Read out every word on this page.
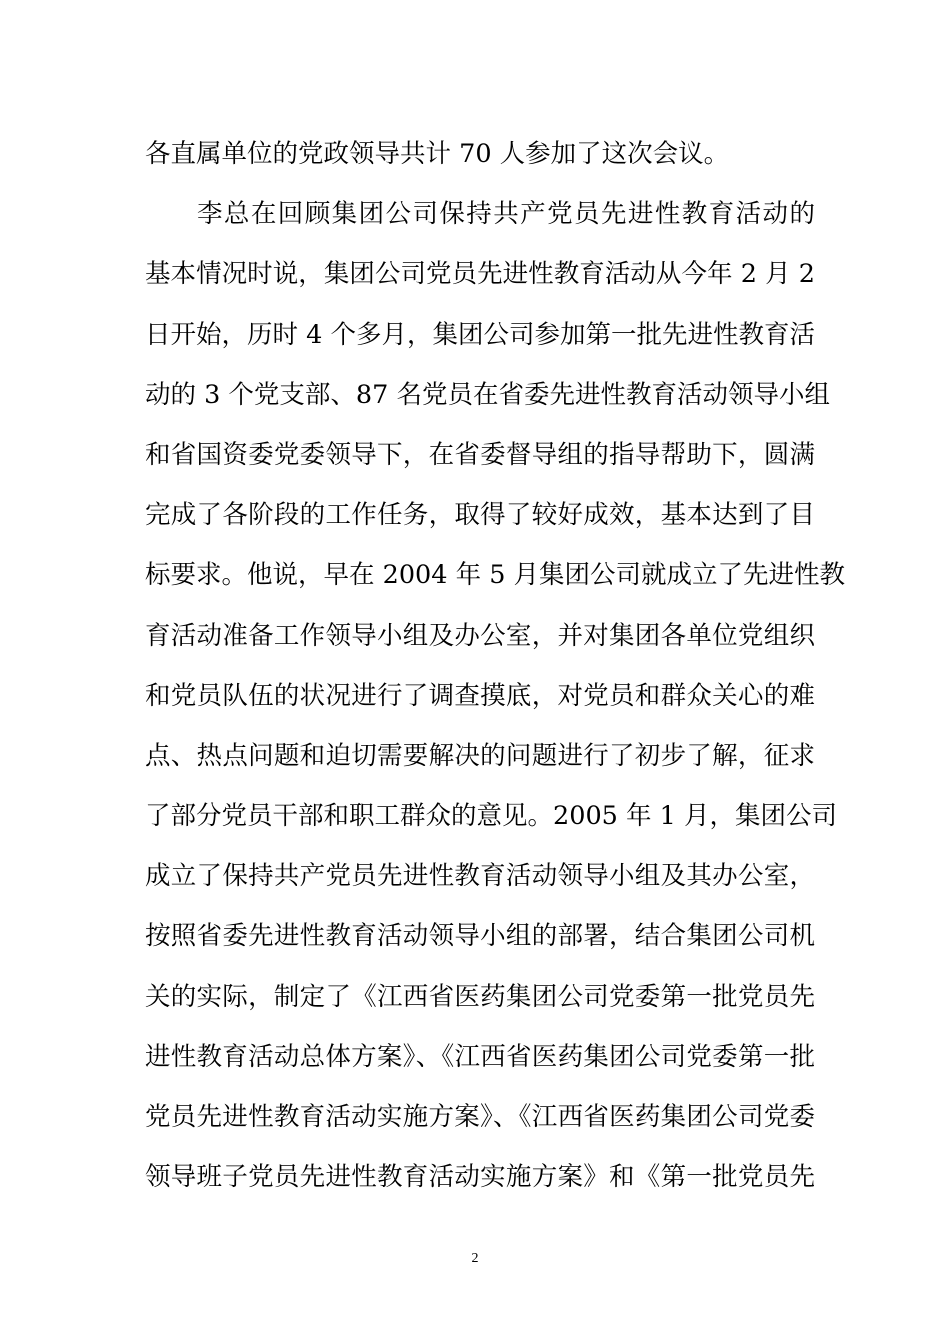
各直属单位的党政领导共计 70 人参加了这次会议。
李总在回顾集团公司保持共产党员先进性教育活动的
基本情况时说，集团公司党员先进性教育活动从今年 2 月 2
日开始，历时 4 个多月，集团公司参加第一批先进性教育活
动的 3 个党支部、87 名党员在省委先进性教育活动领导小组
和省国资委党委领导下，在省委督导组的指导帮助下，圆满
完成了各阶段的工作任务，取得了较好成效，基本达到了目
标要求。他说，早在 2004 年 5 月集团公司就成立了先进性教
育活动准备工作领导小组及办公室，并对集团各单位党组织
和党员队伍的状况进行了调查摸底，对党员和群众关心的难
点、热点问题和迫切需要解决的问题进行了初步了解，征求
了部分党员干部和职工群众的意见。2005 年 1 月，集团公司
成立了保持共产党员先进性教育活动领导小组及其办公室，
按照省委先进性教育活动领导小组的部署，结合集团公司机
关的实际，制定了《江西省医药集团公司党委第一批党员先
进性教育活动总体方案》、《江西省医药集团公司党委第一批
党员先进性教育活动实施方案》、《江西省医药集团公司党委
领导班子党员先进性教育活动实施方案》和《第一批党员先
2
